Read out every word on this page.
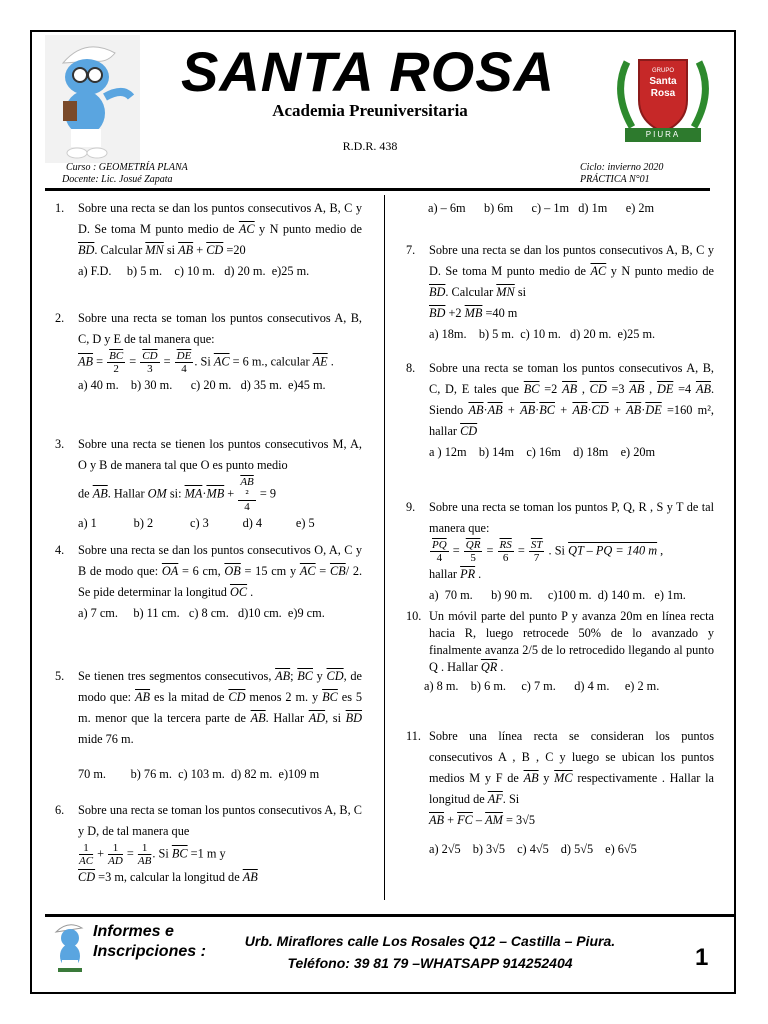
SANTA ROSA
Academia Preuniversitaria
GRUPO
Santa
Rosa
PIURA
R.D.R. 438
Curso : GEOMETRÍA PLANA
Docente: Lic. Josué Zapata
Ciclo: invierno 2020
PRÁCTICA N°01
1. Sobre una recta se dan los puntos consecutivos A, B, C y D. Se toma M punto medio de $\overline{AC}$ y N punto medio de $\overline{BD}$. Calcular $\overline{MN}$ si $\overline{AB} + \overline{CD} =20$
a) F.D.     b) 5 m.    c) 10 m.   d) 20 m.  e)25 m.
2. Sobre una recta se toman los puntos consecutivos A, B, C, D y E de tal manera que:
$\overline{AB} = \frac{\overline{BC}}{2} = \frac{\overline{CD}}{3} = \frac{\overline{DE}}{4}$ . Si $\overline{AC} = 6$ m., calcular $\overline{AE}$ .
a) 40 m.    b) 30 m.      c) 20 m.   d) 35 m.  e)45 m.
3. Sobre una recta se tienen los puntos consecutivos M, A, O y B de manera tal que O es punto medio
de $\overline{AB}$. Hallar OM si: $\overline{MA}\cdot\overline{MB} + \overline{AB}$
²
4 = 9
a) 1            b) 2            c) 3           d) 4           e) 5
4. Sobre una recta se dan los puntos consecutivos O, A, C y B de modo que: $\overline{OA} = 6$ cm, $\overline{OB} = 15$ cm y $\overline{AC} = \overline{CB}/$ 2. Se pide determinar la longitud $\overline{OC}$ .
a) 7 cm.     b) 11 cm.   c) 8 cm.   d)10 cm.  e)9 cm.
5. Se tienen tres segmentos consecutivos, $\overline{AB}$; $\overline{BC}$ y $\overline{CD}$, de modo que: $\overline{AB}$ es la mitad de $\overline{CD}$ menos 2 m. y $\overline{BC}$ es 5 m. menor que la tercera parte de $\overline{AB}$. Hallar $\overline{AD}$, si $\overline{BD}$ mide 76 m.
70 m.        b) 76 m.  c) 103 m.  d) 82 m.  e)109 m
6. Sobre una recta se toman los puntos consecutivos A, B, C y D, de tal manera que

$\frac{1}{AC} + \frac{1}{AD} = \frac{1}{AB}$ . Si $\overline{BC} =1$ m y
$\overline{CD} =3$ m, calcular la longitud de $\overline{AB}$
a) – 6m      b) 6m      c) – 1m   d) 1m      e) 2m
7. Sobre una recta se dan los puntos consecutivos A, B, C y D. Se toma M punto medio de $\overline{AC}$ y N punto medio de $\overline{BD}$. Calcular $\overline{MN}$ si
$\overline{BD} +2$ $\overline{MB} =40$ m
a) 18m.    b) 5 m.  c) 10 m.   d) 20 m.  e)25 m.
8. Sobre una recta se toman los puntos consecutivos A, B, C, D, E tales que $\overline{BC} =2$ $\overline{AB}$ , $\overline{CD} =3$ $\overline{AB}$ , $\overline{DE} =4$ $\overline{AB}$. Siendo $\overline{AB}\cdot\overline{AB} + \overline{AB}\cdot\overline{BC} + \overline{AB}\cdot\overline{CD} + \overline{AB}\cdot\overline{DE} =160$ m², hallar $\overline{CD}$
a ) 12m    b) 14m    c) 16m    d) 18m    e) 20m
9. Sobre una recta se toman los puntos P, Q, R , S y T de tal manera que:

$\frac{\overline{PQ}}{4} = \frac{\overline{QR}}{5} = \frac{\overline{RS}}{6} = \frac{\overline{ST}}{7}$ . Si QT – PQ = 140 m ,
hallar $\overline{PR}$ .
a)  70 m.      b) 90 m.     c)100 m.  d) 140 m.   e) 1m.
10. Un móvil parte del punto P y avanza 20m en línea recta hacia R, luego retrocede 50% de lo avanzado y finalmente avanza 2/5 de lo retrocedido llegando al punto Q . Hallar $\overline{QR}$ .
a) 8 m.    b) 6 m.     c) 7 m.      d) 4 m.     e) 2 m.
11. Sobre una línea recta se consideran los puntos consecutivos A , B , C y luego se ubican los puntos medios M y F de $\overline{AB}$ y $\overline{MC}$ respectivamente . Hallar la longitud de $\overline{AF}$. Si
$\overline{AB} + \overline{FC} - \overline{AM} = 3√5$
a) 2√5 b) 3√5 c) 4√5 d) 5√5 e) 6√5
Informes e
Inscripciones :
Urb. Miraflores calle Los Rosales Q12 – Castilla – Piura.
Teléfono: 39 81 79 –WHATSAPP 914252404	1
